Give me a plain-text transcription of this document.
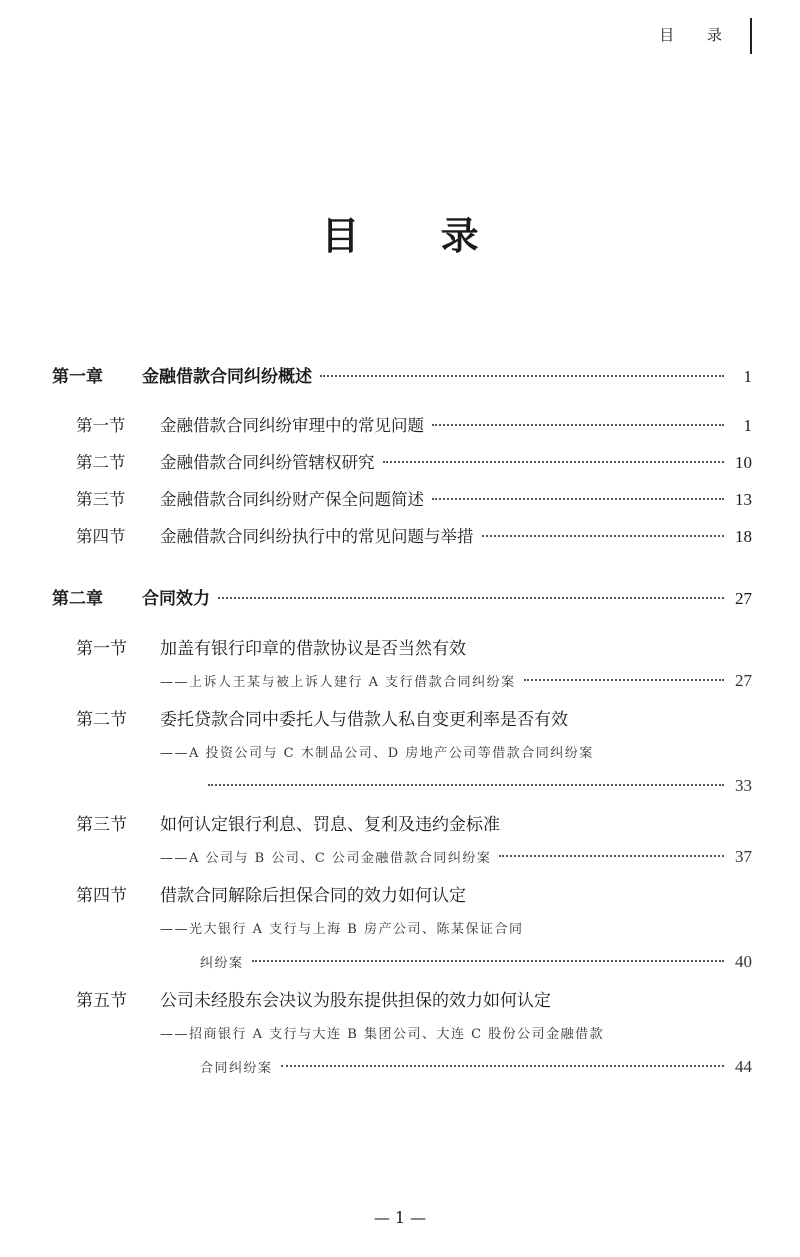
目 录
目 录
第一章	金融借款合同纠纷概述	1
第一节	金融借款合同纠纷审理中的常见问题	1
第二节	金融借款合同纠纷管辖权研究	10
第三节	金融借款合同纠纷财产保全问题简述	13
第四节	金融借款合同纠纷执行中的常见问题与举措	18
第二章	合同效力	27
第一节	加盖有银行印章的借款协议是否当然有效
——上诉人王某与被上诉人建行 A 支行借款合同纠纷案	27
第二节	委托贷款合同中委托人与借款人私自变更利率是否有效
——A 投资公司与 C 木制品公司、D 房地产公司等借款合同纠纷案
33
第三节	如何认定银行利息、罚息、复利及违约金标准
——A 公司与 B 公司、C 公司金融借款合同纠纷案	37
第四节	借款合同解除后担保合同的效力如何认定
——光大银行 A 支行与上海 B 房产公司、陈某保证合同
纠纷案	40
第五节	公司未经股东会决议为股东提供担保的效力如何认定
——招商银行 A 支行与大连 B 集团公司、大连 C 股份公司金融借款
合同纠纷案	44
— 1 —
